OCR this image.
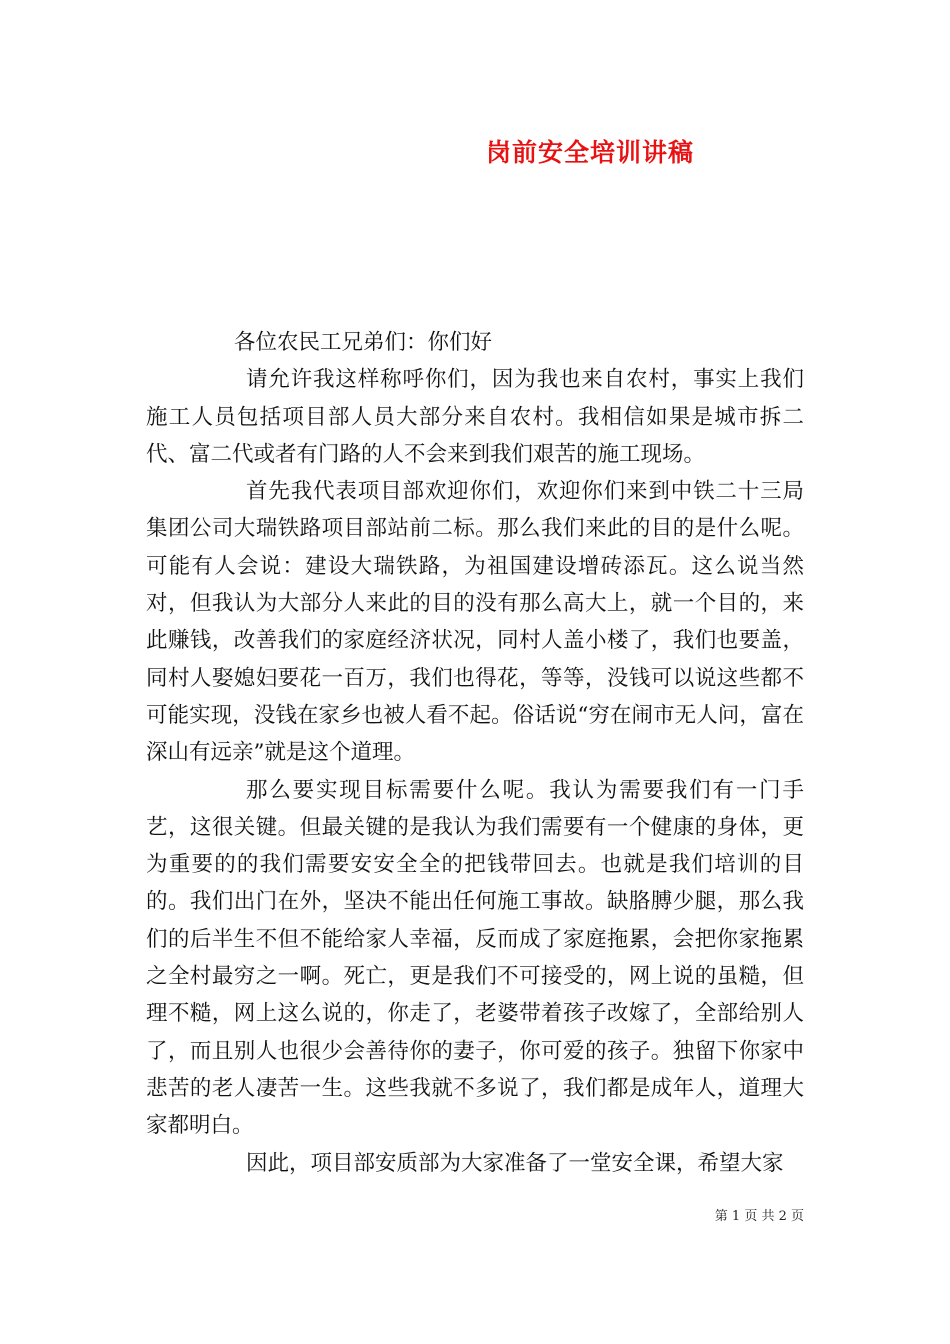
岗前安全培训讲稿

各位农民工兄弟们：你们好

请允许我这样称呼你们，因为我也来自农村，事实上我们施工人员包括项目部人员大部分来自农村。我相信如果是城市拆二代、富二代或者有门路的人不会来到我们艰苦的施工现场。

首先我代表项目部欢迎你们，欢迎你们来到中铁二十三局集团公司大瑞铁路项目部站前二标。那么我们来此的目的是什么呢。可能有人会说：建设大瑞铁路，为祖国建设增砖添瓦。这么说当然对，但我认为大部分人来此的目的没有那么高大上，就一个目的，来此赚钱，改善我们的家庭经济状况，同村人盖小楼了，我们也要盖，同村人娶媳妇要花一百万，我们也得花，等等，没钱可以说这些都不可能实现，没钱在家乡也被人看不起。俗话说“穷在闹市无人问，富在深山有远亲”就是这个道理。

那么要实现目标需要什么呢。我认为需要我们有一门手艺，这很关键。但最关键的是我认为我们需要有一个健康的身体，更为重要的的我们需要安安全全的把钱带回去。也就是我们培训的目的。我们出门在外，坚决不能出任何施工事故。缺胳膊少腿，那么我们的后半生不但不能给家人幸福，反而成了家庭拖累，会把你家拖累之全村最穷之一啊。死亡，更是我们不可接受的，网上说的虽糙，但理不糙，网上这么说的，你走了，老婆带着孩子改嫁了，全部给别人了，而且别人也很少会善待你的妻子，你可爱的孩子。独留下你家中悲苦的老人凄苦一生。这些我就不多说了，我们都是成年人，道理大家都明白。

因此，项目部安质部为大家准备了一堂安全课，希望大家

第 1 页 共 2 页
